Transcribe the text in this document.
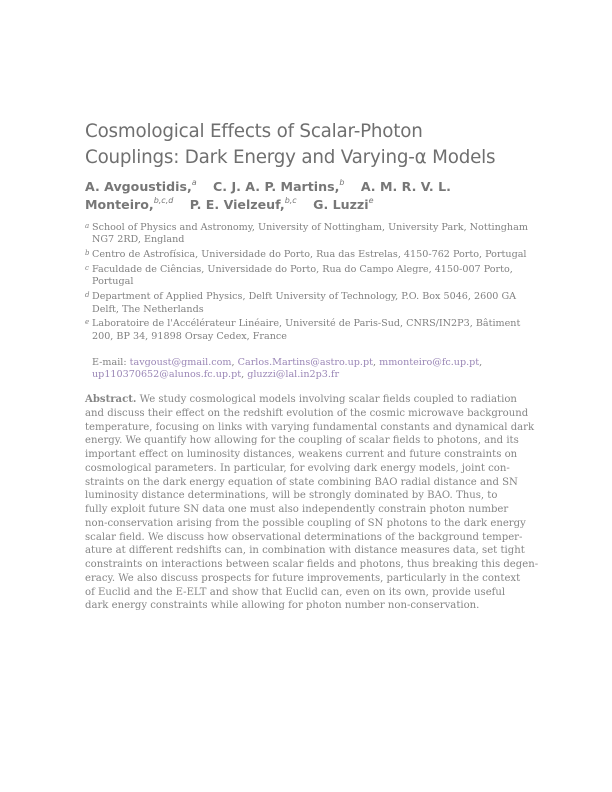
Cosmological Effects of Scalar-Photon
Couplings: Dark Energy and Varying-α Models
A. Avgoustidis,$^a$ C. J. A. P. Martins,$^b$ A. M. R. V. L.
Monteiro,$^{b,c,d}$ P. E. Vielzeuf,$^{b,c}$ G. Luzzi$^e$
a School of Physics and Astronomy, University of Nottingham, University Park, Nottingham
NG7 2RD, England
b Centro de Astrofísica, Universidade do Porto, Rua das Estrelas, 4150-762 Porto, Portugal
c Faculdade de Ciências, Universidade do Porto, Rua do Campo Alegre, 4150-007 Porto,
Portugal
d Department of Applied Physics, Delft University of Technology, P.O. Box 5046, 2600 GA
Delft, The Netherlands
e Laboratoire de l'Accélérateur Linéaire, Université de Paris-Sud, CNRS/IN2P3, Bâtiment
200, BP 34, 91898 Orsay Cedex, France
E-mail: tavgoust@gmail.com, Carlos.Martins@astro.up.pt, mmonteiro@fc.up.pt,
up110370652@alunos.fc.up.pt, gluzzi@lal.in2p3.fr
Abstract. We study cosmological models involving scalar fields coupled to radiation
and discuss their effect on the redshift evolution of the cosmic microwave background
temperature, focusing on links with varying fundamental constants and dynamical dark
energy. We quantify how allowing for the coupling of scalar fields to photons, and its
important effect on luminosity distances, weakens current and future constraints on
cosmological parameters. In particular, for evolving dark energy models, joint con-
straints on the dark energy equation of state combining BAO radial distance and SN
luminosity distance determinations, will be strongly dominated by BAO. Thus, to
fully exploit future SN data one must also independently constrain photon number
non-conservation arising from the possible coupling of SN photons to the dark energy
scalar field. We discuss how observational determinations of the background temper-
ature at different redshifts can, in combination with distance measures data, set tight
constraints on interactions between scalar fields and photons, thus breaking this degen-
eracy. We also discuss prospects for future improvements, particularly in the context
of Euclid and the E-ELT and show that Euclid can, even on its own, provide useful
dark energy constraints while allowing for photon number non-conservation.
